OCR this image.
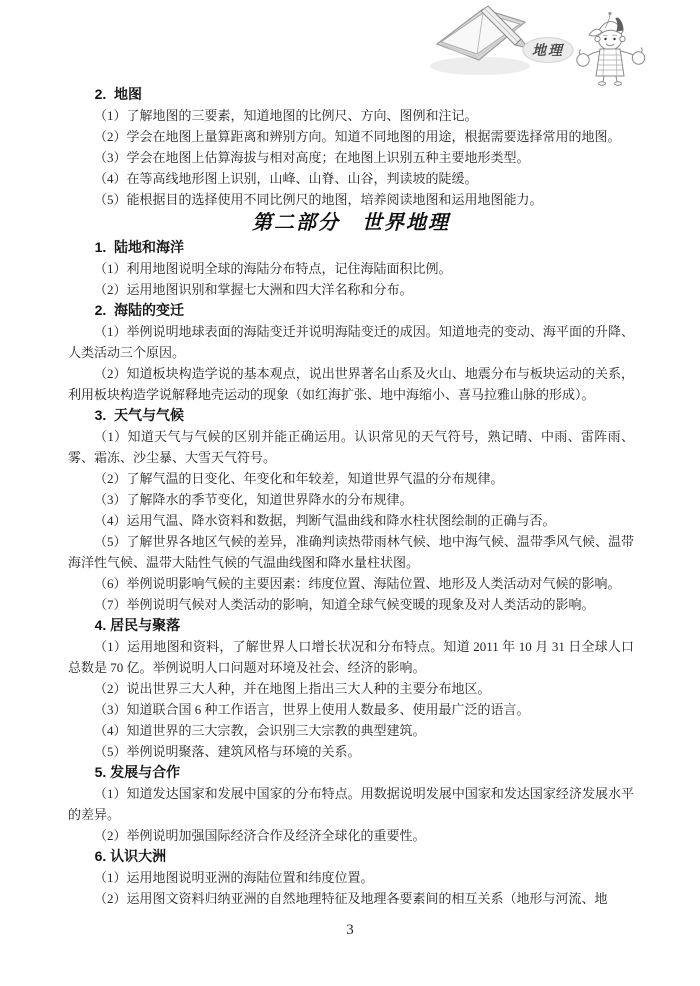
地理

2.  地图

（1）了解地图的三要素，知道地图的比例尺、方向、图例和注记。

（2）学会在地图上量算距离和辨别方向。知道不同地图的用途，根据需要选择常用的地图。

（3）学会在地图上估算海拔与相对高度；在地图上识别五种主要地形类型。

（4）在等高线地形图上识别，山峰、山脊、山谷，判读坡的陡缓。

（5）能根据目的选择使用不同比例尺的地图，培养阅读地图和运用地图能力。

第二部分　世界地理

1.  陆地和海洋

（1）利用地图说明全球的海陆分布特点，记住海陆面积比例。

（2）运用地图识别和掌握七大洲和四大洋名称和分布。

2.  海陆的变迁

（1）举例说明地球表面的海陆变迁并说明海陆变迁的成因。知道地壳的变动、海平面的升降、人类活动三个原因。

（2）知道板块构造学说的基本观点，说出世界著名山系及火山、地震分布与板块运动的关系，利用板块构造学说解释地壳运动的现象（如红海扩张、地中海缩小、喜马拉雅山脉的形成）。

3.  天气与气候

（1）知道天气与气候的区别并能正确运用。认识常见的天气符号，熟记晴、中雨、雷阵雨、雾、霜冻、沙尘暴、大雪天气符号。

（2）了解气温的日变化、年变化和年较差，知道世界气温的分布规律。

（3）了解降水的季节变化，知道世界降水的分布规律。

（4）运用气温、降水资料和数据，判断气温曲线和降水柱状图绘制的正确与否。

（5）了解世界各地区气候的差异，准确判读热带雨林气候、地中海气候、温带季风气候、温带海洋性气候、温带大陆性气候的气温曲线图和降水量柱状图。

（6）举例说明影响气候的主要因素：纬度位置、海陆位置、地形及人类活动对气候的影响。

（7）举例说明气候对人类活动的影响，知道全球气候变暖的现象及对人类活动的影响。

4. 居民与聚落

（1）运用地图和资料，了解世界人口增长状况和分布特点。知道 2011 年 10 月 31 日全球人口总数是 70 亿。举例说明人口问题对环境及社会、经济的影响。

（2）说出世界三大人种，并在地图上指出三大人种的主要分布地区。

（3）知道联合国 6 种工作语言，世界上使用人数最多、使用最广泛的语言。

（4）知道世界的三大宗教，会识别三大宗教的典型建筑。

（5）举例说明聚落、建筑风格与环境的关系。

5. 发展与合作

（1）知道发达国家和发展中国家的分布特点。用数据说明发展中国家和发达国家经济发展水平的差异。

（2）举例说明加强国际经济合作及经济全球化的重要性。

6. 认识大洲

（1）运用地图说明亚洲的海陆位置和纬度位置。

（2）运用图文资料归纳亚洲的自然地理特征及地理各要素间的相互关系（地形与河流、地

3
